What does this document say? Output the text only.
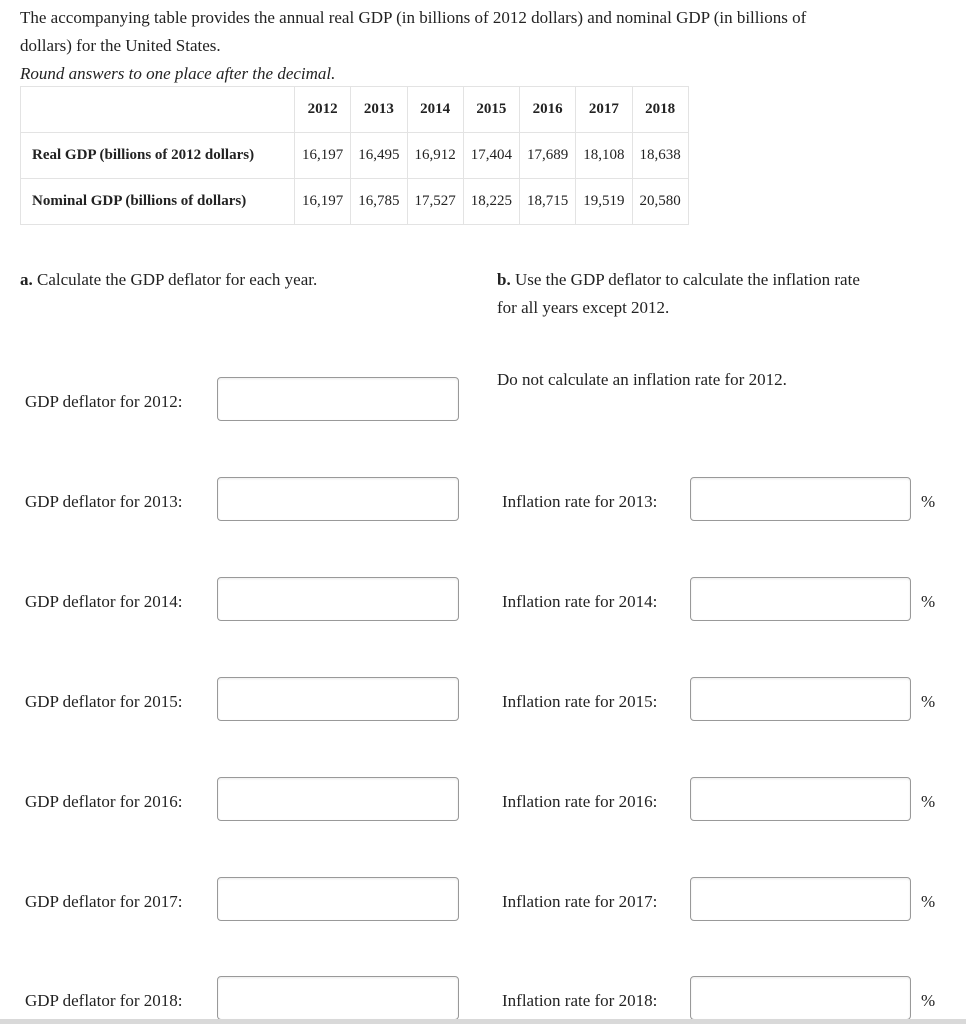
The accompanying table provides the annual real GDP (in billions of 2012 dollars) and nominal GDP (in billions of
dollars) for the United States.
Round answers to one place after the decimal.
	2012	2013	2014	2015	2016	2017	2018
Real GDP (billions of 2012 dollars)	16,197	16,495	16,912	17,404	17,689	18,108	18,638
Nominal GDP (billions of dollars)	16,197	16,785	17,527	18,225	18,715	19,519	20,580
a. Calculate the GDP deflator for each year.	b. Use the GDP deflator to calculate the inflation rate
for all years except 2012.
Do not calculate an inflation rate for 2012.
GDP deflator for 2012:
GDP deflator for 2013:
GDP deflator for 2014:
GDP deflator for 2015:
GDP deflator for 2016:
GDP deflator for 2017:
GDP deflator for 2018:
Inflation rate for 2013:	%
Inflation rate for 2014:	%
Inflation rate for 2015:	%
Inflation rate for 2016:	%
Inflation rate for 2017:	%
Inflation rate for 2018:	%
